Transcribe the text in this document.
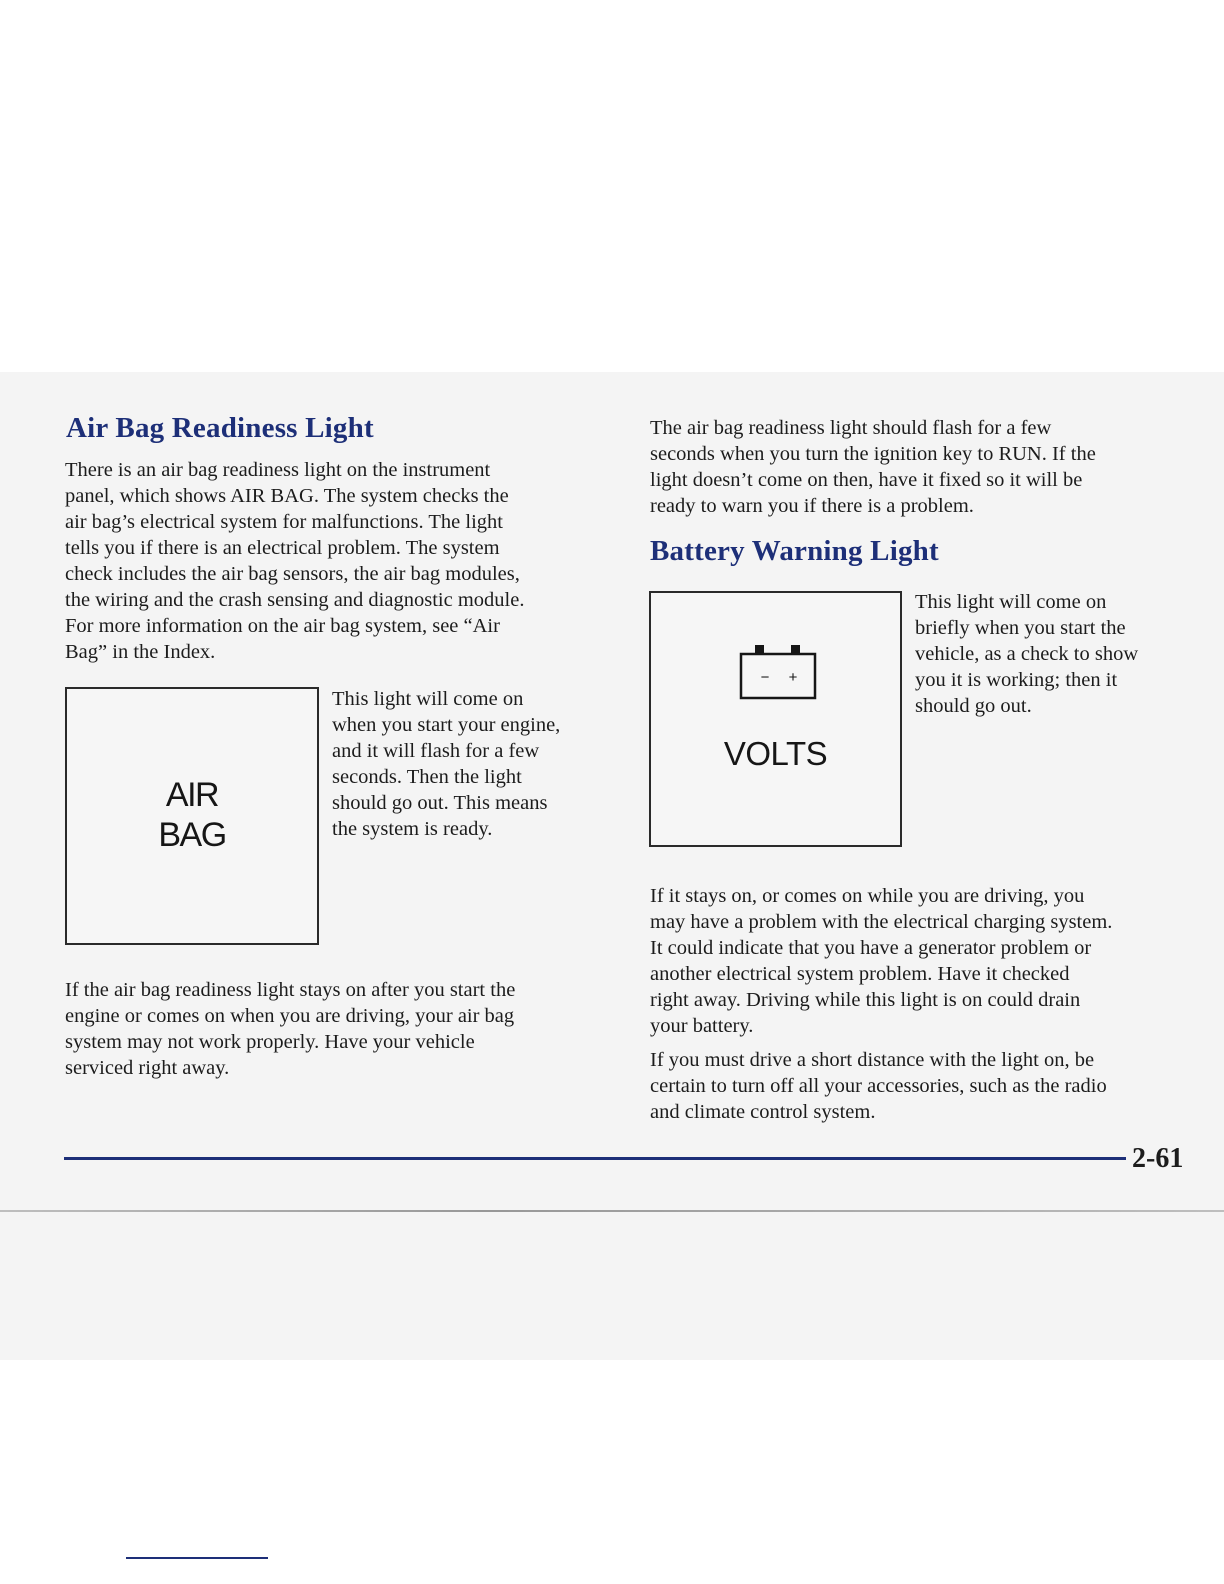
Air Bag Readiness Light
There is an air bag readiness light on the instrument
panel, which shows AIR BAG. The system checks the
air bag’s electrical system for malfunctions. The light
tells you if there is an electrical problem. The system
check includes the air bag sensors, the air bag modules,
the wiring and the crash sensing and diagnostic module.
For more information on the air bag system, see “Air
Bag” in the Index.
AIR
BAG
This light will come on
when you start your engine,
and it will flash for a few
seconds. Then the light
should go out. This means
the system is ready.
If the air bag readiness light stays on after you start the
engine or comes on when you are driving, your air bag
system may not work properly. Have your vehicle
serviced right away.
The air bag readiness light should flash for a few
seconds when you turn the ignition key to RUN. If the
light doesn’t come on then, have it fixed so it will be
ready to warn you if there is a problem.
Battery Warning Light
− +
VOLTS
This light will come on
briefly when you start the
vehicle, as a check to show
you it is working; then it
should go out.
If it stays on, or comes on while you are driving, you
may have a problem with the electrical charging system.
It could indicate that you have a generator problem or
another electrical system problem. Have it checked
right away. Driving while this light is on could drain
your battery.
If you must drive a short distance with the light on, be
certain to turn off all your accessories, such as the radio
and climate control system.

2-61
